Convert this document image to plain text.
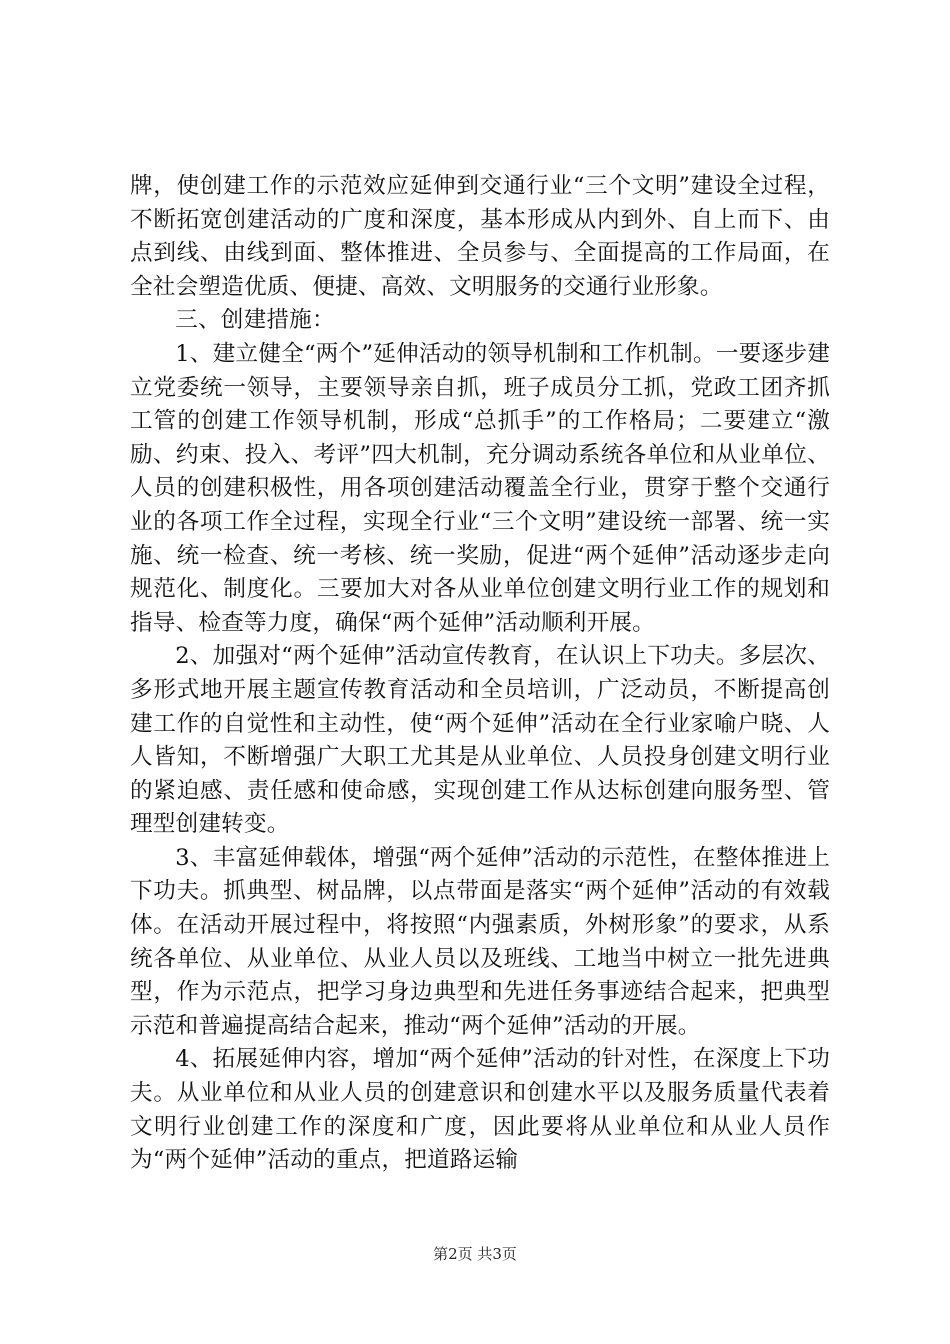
牌，使创建工作的示范效应延伸到交通行业“三个文明”建设全过程，不断拓宽创建活动的广度和深度，基本形成从内到外、自上而下、由点到线、由线到面、整体推进、全员参与、全面提高的工作局面，在全社会塑造优质、便捷、高效、文明服务的交通行业形象。

三、创建措施：

1、建立健全“两个”延伸活动的领导机制和工作机制。一要逐步建立党委统一领导，主要领导亲自抓，班子成员分工抓，党政工团齐抓工管的创建工作领导机制，形成“总抓手”的工作格局；二要建立“激励、约束、投入、考评”四大机制，充分调动系统各单位和从业单位、人员的创建积极性，用各项创建活动覆盖全行业，贯穿于整个交通行业的各项工作全过程，实现全行业“三个文明”建设统一部署、统一实施、统一检查、统一考核、统一奖励，促进“两个延伸”活动逐步走向规范化、制度化。三要加大对各从业单位创建文明行业工作的规划和指导、检查等力度，确保“两个延伸”活动顺利开展。

2、加强对“两个延伸”活动宣传教育，在认识上下功夫。多层次、多形式地开展主题宣传教育活动和全员培训，广泛动员，不断提高创建工作的自觉性和主动性，使“两个延伸”活动在全行业家喻户晓、人人皆知，不断增强广大职工尤其是从业单位、人员投身创建文明行业的紧迫感、责任感和使命感，实现创建工作从达标创建向服务型、管理型创建转变。

3、丰富延伸载体，增强“两个延伸”活动的示范性，在整体推进上下功夫。抓典型、树品牌，以点带面是落实“两个延伸”活动的有效载体。在活动开展过程中，将按照“内强素质，外树形象”的要求，从系统各单位、从业单位、从业人员以及班线、工地当中树立一批先进典型，作为示范点，把学习身边典型和先进任务事迹结合起来，把典型示范和普遍提高结合起来，推动“两个延伸”活动的开展。

4、拓展延伸内容，增加“两个延伸”活动的针对性，在深度上下功夫。从业单位和从业人员的创建意识和创建水平以及服务质量代表着文明行业创建工作的深度和广度，因此要将从业单位和从业人员作为“两个延伸”活动的重点，把道路运输

第2页 共3页
